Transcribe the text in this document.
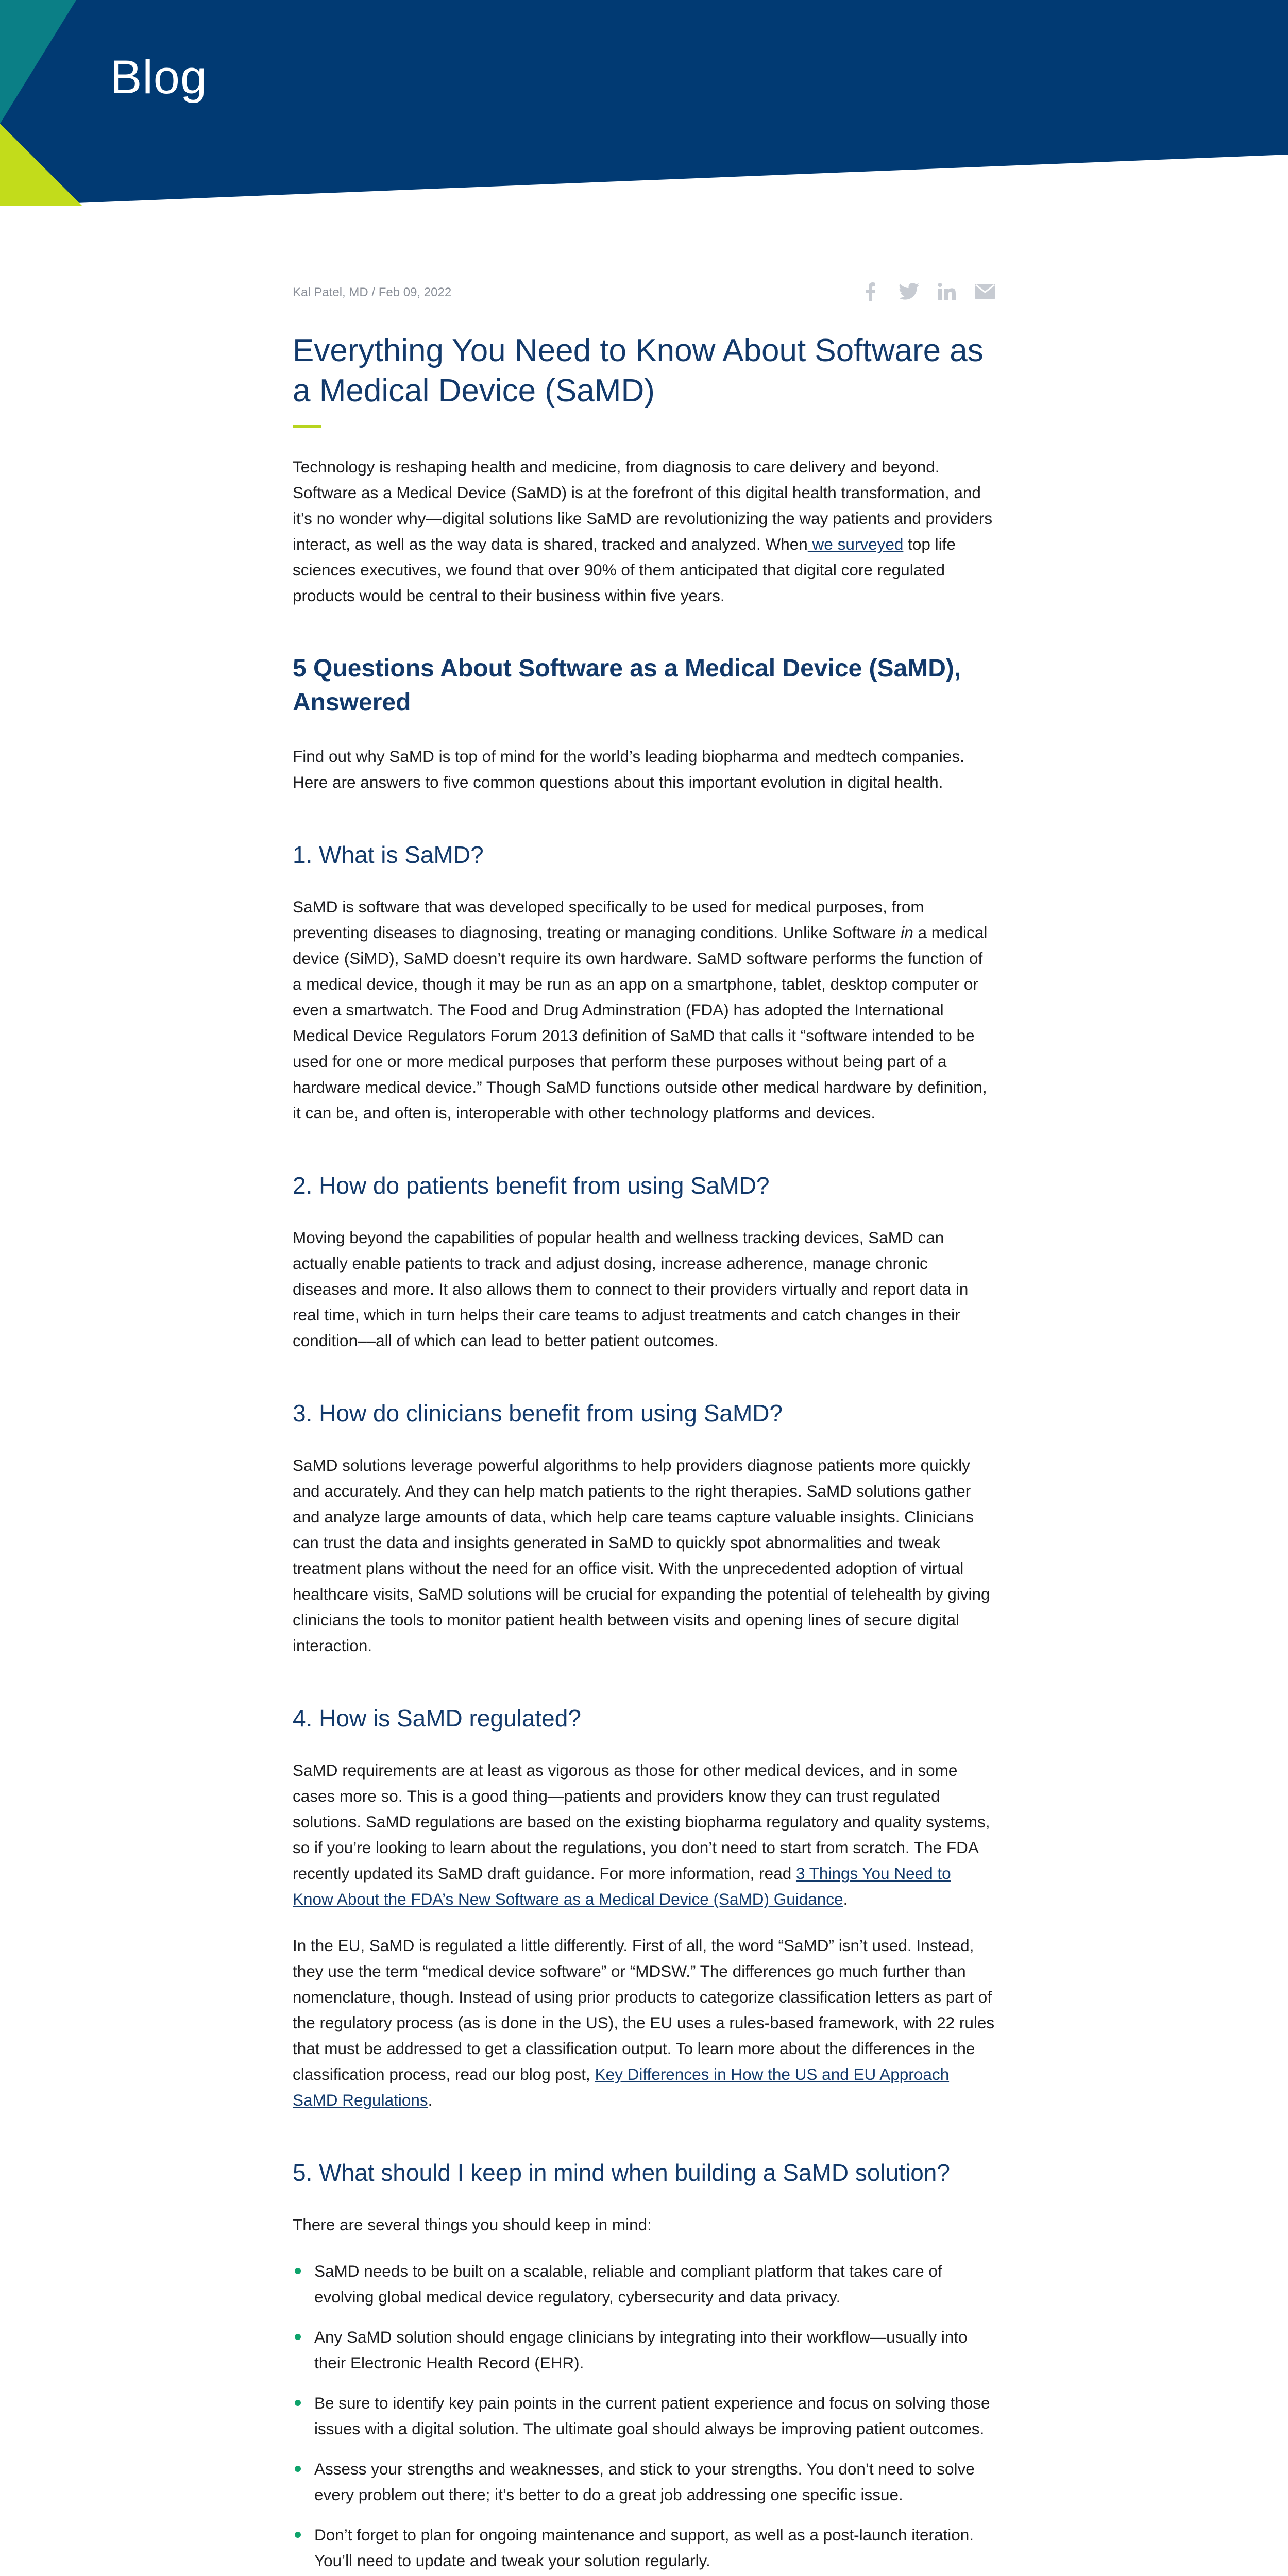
Blog
Kal Patel, MD / Feb 09, 2022
Everything You Need to Know About Software as a Medical Device (SaMD)

Technology is reshaping health and medicine, from diagnosis to care delivery and beyond. Software as a Medical Device (SaMD) is at the forefront of this digital health transformation, and it’s no wonder why—digital solutions like SaMD are revolutionizing the way patients and providers interact, as well as the way data is shared, tracked and analyzed. When we surveyed top life sciences executives, we found that over 90% of them anticipated that digital core regulated products would be central to their business within five years.

5 Questions About Software as a Medical Device (SaMD), Answered

Find out why SaMD is top of mind for the world’s leading biopharma and medtech companies. Here are answers to five common questions about this important evolution in digital health.

1. What is SaMD?

SaMD is software that was developed specifically to be used for medical purposes, from preventing diseases to diagnosing, treating or managing conditions. Unlike Software in a medical device (SiMD), SaMD doesn’t require its own hardware. SaMD software performs the function of a medical device, though it may be run as an app on a smartphone, tablet, desktop computer or even a smartwatch. The Food and Drug Adminstration (FDA) has adopted the International Medical Device Regulators Forum 2013 definition of SaMD that calls it “software intended to be used for one or more medical purposes that perform these purposes without being part of a hardware medical device.” Though SaMD functions outside other medical hardware by definition, it can be, and often is, interoperable with other technology platforms and devices.

2. How do patients benefit from using SaMD?

Moving beyond the capabilities of popular health and wellness tracking devices, SaMD can actually enable patients to track and adjust dosing, increase adherence, manage chronic diseases and more. It also allows them to connect to their providers virtually and report data in real time, which in turn helps their care teams to adjust treatments and catch changes in their condition––all of which can lead to better patient outcomes.

3. How do clinicians benefit from using SaMD?

SaMD solutions leverage powerful algorithms to help providers diagnose patients more quickly and accurately. And they can help match patients to the right therapies. SaMD solutions gather and analyze large amounts of data, which help care teams capture valuable insights. Clinicians can trust the data and insights generated in SaMD to quickly spot abnormalities and tweak treatment plans without the need for an office visit. With the unprecedented adoption of virtual healthcare visits, SaMD solutions will be crucial for expanding the potential of telehealth by giving clinicians the tools to monitor patient health between visits and opening lines of secure digital interaction.

4. How is SaMD regulated?

SaMD requirements are at least as vigorous as those for other medical devices, and in some cases more so. This is a good thing—patients and providers know they can trust regulated solutions. SaMD regulations are based on the existing biopharma regulatory and quality systems, so if you’re looking to learn about the regulations, you don’t need to start from scratch. The FDA recently updated its SaMD draft guidance. For more information, read 3 Things You Need to Know About the FDA’s New Software as a Medical Device (SaMD) Guidance.

In the EU, SaMD is regulated a little differently. First of all, the word “SaMD” isn’t used. Instead, they use the term “medical device software” or “MDSW.” The differences go much further than nomenclature, though. Instead of using prior products to categorize classification letters as part of the regulatory process (as is done in the US), the EU uses a rules-based framework, with 22 rules that must be addressed to get a classification output. To learn more about the differences in the classification process, read our blog post, Key Differences in How the US and EU Approach SaMD Regulations.

5. What should I keep in mind when building a SaMD solution?

There are several things you should keep in mind:

SaMD needs to be built on a scalable, reliable and compliant platform that takes care of evolving global medical device regulatory, cybersecurity and data privacy.
Any SaMD solution should engage clinicians by integrating into their workflow—usually into their Electronic Health Record (EHR).
Be sure to identify key pain points in the current patient experience and focus on solving those issues with a digital solution. The ultimate goal should always be improving patient outcomes.
Assess your strengths and weaknesses, and stick to your strengths. You don’t need to solve every problem out there; it’s better to do a great job addressing one specific issue.
Don’t forget to plan for ongoing maintenance and support, as well as a post-launch iteration. You’ll need to update and tweak your solution regularly.
